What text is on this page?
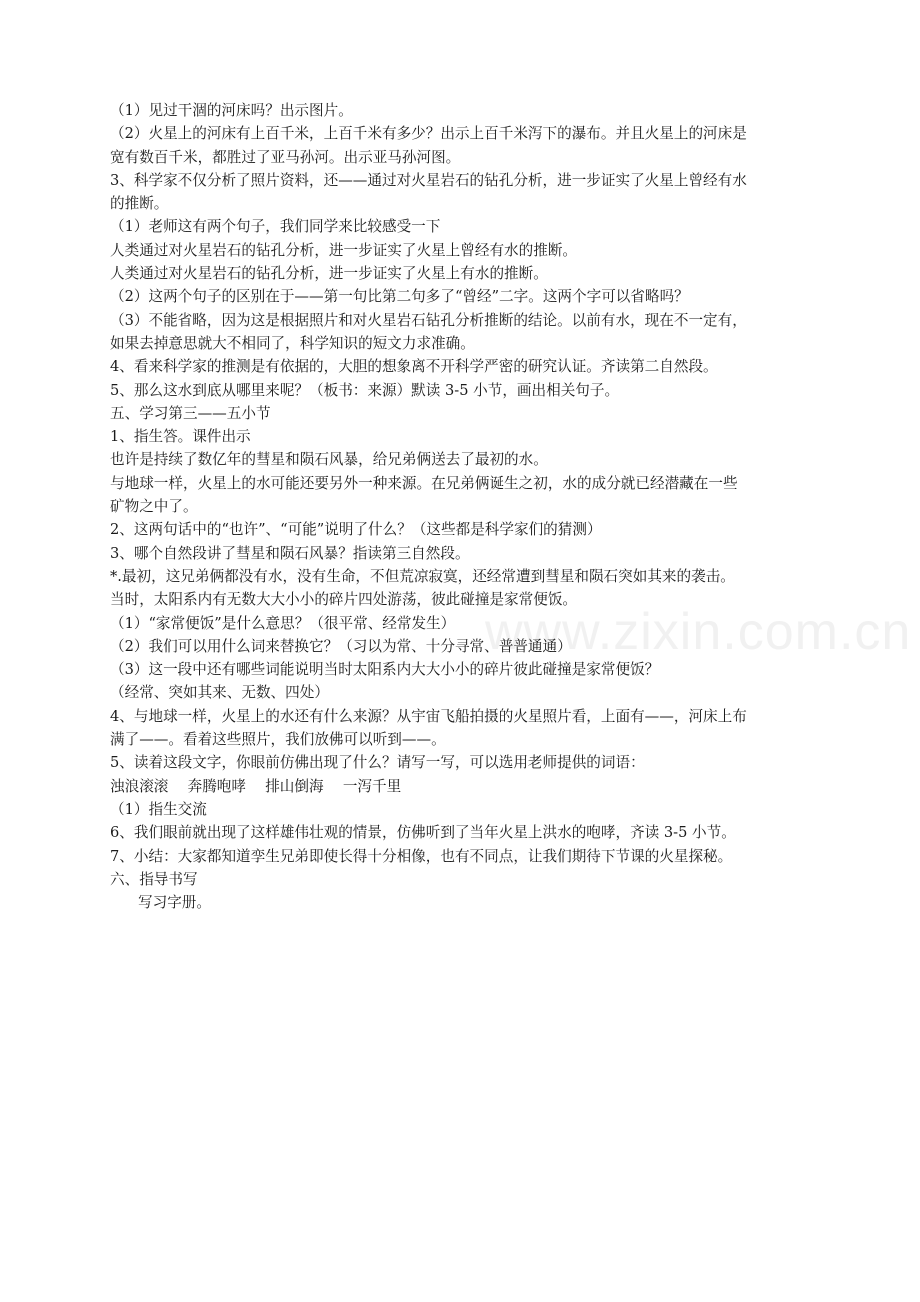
www.zixin.com.cn
（1）见过干涸的河床吗？出示图片。
（2）火星上的河床有上百千米，上百千米有多少？出示上百千米泻下的瀑布。并且火星上的河床是
宽有数百千米，都胜过了亚马孙河。出示亚马孙河图。
3、科学家不仅分析了照片资料，还——通过对火星岩石的钻孔分析，进一步证实了火星上曾经有水
的推断。
（1）老师这有两个句子，我们同学来比较感受一下
人类通过对火星岩石的钻孔分析，进一步证实了火星上曾经有水的推断。
人类通过对火星岩石的钻孔分析，进一步证实了火星上有水的推断。
（2）这两个句子的区别在于——第一句比第二句多了“曾经”二字。这两个字可以省略吗？
（3）不能省略，因为这是根据照片和对火星岩石钻孔分析推断的结论。以前有水，现在不一定有，
如果去掉意思就大不相同了，科学知识的短文力求准确。
4、看来科学家的推测是有依据的，大胆的想象离不开科学严密的研究认证。齐读第二自然段。
5、那么这水到底从哪里来呢？（板书：来源）默读 3-5 小节，画出相关句子。
五、学习第三——五小节
1、指生答。课件出示
也许是持续了数亿年的彗星和陨石风暴，给兄弟俩送去了最初的水。
与地球一样，火星上的水可能还要另外一种来源。在兄弟俩诞生之初，水的成分就已经潜藏在一些
矿物之中了。
2、这两句话中的“也许”、“可能”说明了什么？（这些都是科学家们的猜测）
3、哪个自然段讲了彗星和陨石风暴？指读第三自然段。
*.最初，这兄弟俩都没有水，没有生命，不但荒凉寂寞，还经常遭到彗星和陨石突如其来的袭击。
当时，太阳系内有无数大大小小的碎片四处游荡，彼此碰撞是家常便饭。
（1）“家常便饭”是什么意思？（很平常、经常发生）
（2）我们可以用什么词来替换它？（习以为常、十分寻常、普普通通）
（3）这一段中还有哪些词能说明当时太阳系内大大小小的碎片彼此碰撞是家常便饭？
（经常、突如其来、无数、四处）
4、与地球一样，火星上的水还有什么来源？从宇宙飞船拍摄的火星照片看，上面有——，河床上布
满了——。看着这些照片，我们放佛可以听到——。
5、读着这段文字，你眼前仿佛出现了什么？请写一写，可以选用老师提供的词语：
浊浪滚滚　 奔腾咆哮　 排山倒海　 一泻千里
（1）指生交流
6、我们眼前就出现了这样雄伟壮观的情景，仿佛听到了当年火星上洪水的咆哮，齐读 3-5 小节。
7、小结：大家都知道孪生兄弟即使长得十分相像，也有不同点，让我们期待下节课的火星探秘。
六、指导书写
写习字册。
